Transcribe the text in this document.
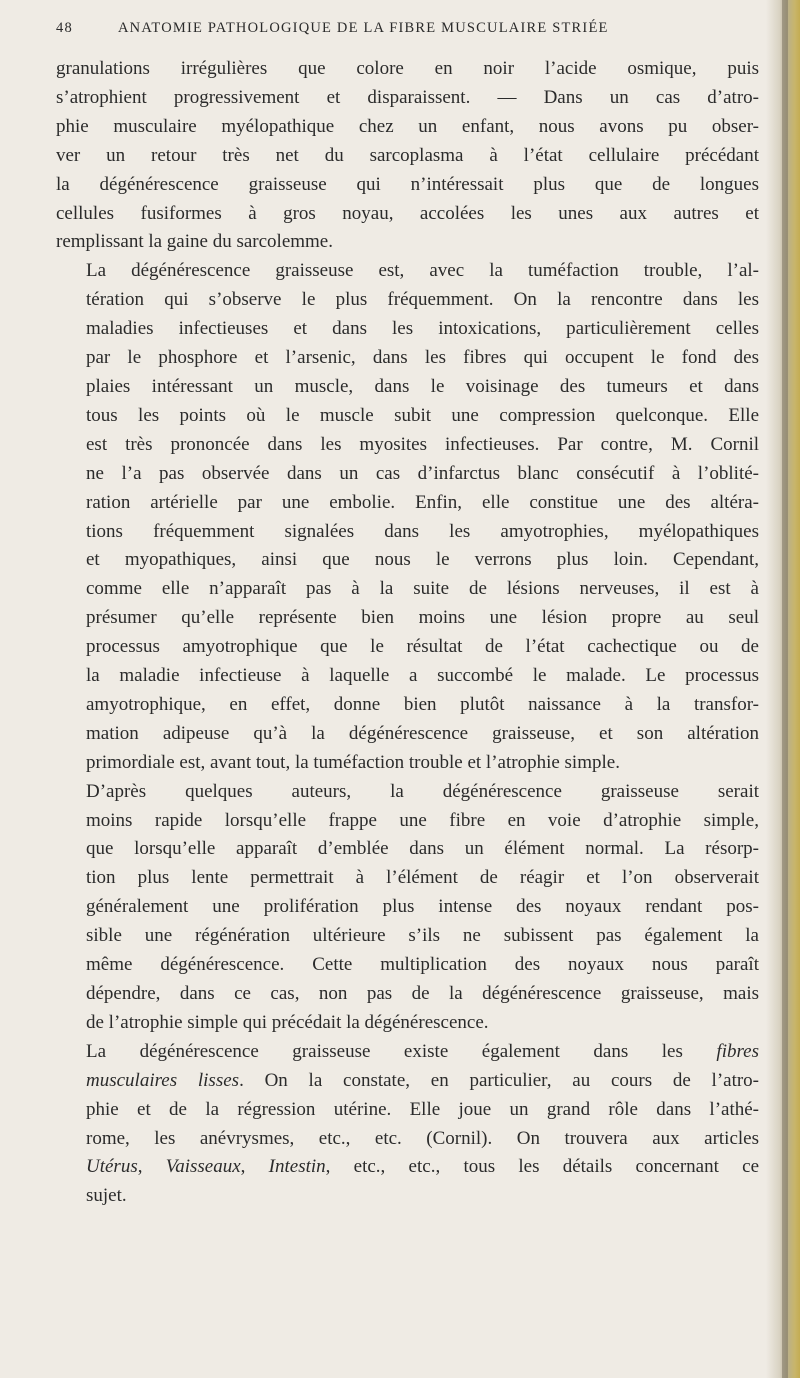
48	ANATOMIE PATHOLOGIQUE DE LA FIBRE MUSCULAIRE STRIÉE

granulations irrégulières que colore en noir l’acide osmique, puis
s’atrophient progressivement et disparaissent. — Dans un cas d’atro-
phie musculaire myélopathique chez un enfant, nous avons pu obser-
ver un retour très net du sarcoplasma à l’état cellulaire précédant
la dégénérescence graisseuse qui n’intéressait plus que de longues
cellules fusiformes à gros noyau, accolées les unes aux autres et
remplissant la gaine du sarcolemme.

La dégénérescence graisseuse est, avec la tuméfaction trouble, l’al-
tération qui s’observe le plus fréquemment. On la rencontre dans les
maladies infectieuses et dans les intoxications, particulièrement celles
par le phosphore et l’arsenic, dans les fibres qui occupent le fond des
plaies intéressant un muscle, dans le voisinage des tumeurs et dans
tous les points où le muscle subit une compression quelconque. Elle
est très prononcée dans les myosites infectieuses. Par contre, M. Cornil
ne l’a pas observée dans un cas d’infarctus blanc consécutif à l’oblité-
ration artérielle par une embolie. Enfin, elle constitue une des altéra-
tions fréquemment signalées dans les amyotrophies, myélopathiques
et myopathiques, ainsi que nous le verrons plus loin. Cependant,
comme elle n’apparaît pas à la suite de lésions nerveuses, il est à
présumer qu’elle représente bien moins une lésion propre au seul
processus amyotrophique que le résultat de l’état cachectique ou de
la maladie infectieuse à laquelle a succombé le malade. Le processus
amyotrophique, en effet, donne bien plutôt naissance à la transfor-
mation adipeuse qu’à la dégénérescence graisseuse, et son altération
primordiale est, avant tout, la tuméfaction trouble et l’atrophie simple.

D’après quelques auteurs, la dégénérescence graisseuse serait
moins rapide lorsqu’elle frappe une fibre en voie d’atrophie simple,
que lorsqu’elle apparaît d’emblée dans un élément normal. La résorp-
tion plus lente permettrait à l’élément de réagir et l’on observerait
généralement une prolifération plus intense des noyaux rendant pos-
sible une régénération ultérieure s’ils ne subissent pas également la
même dégénérescence. Cette multiplication des noyaux nous paraît
dépendre, dans ce cas, non pas de la dégénérescence graisseuse, mais
de l’atrophie simple qui précédait la dégénérescence.

La dégénérescence graisseuse existe également dans les fibres
musculaires lisses. On la constate, en particulier, au cours de l’atro-
phie et de la régression utérine. Elle joue un grand rôle dans l’athé-
rome, les anévrysmes, etc., etc. (Cornil). On trouvera aux articles
Utérus, Vaisseaux, Intestin, etc., etc., tous les détails concernant ce
sujet.
